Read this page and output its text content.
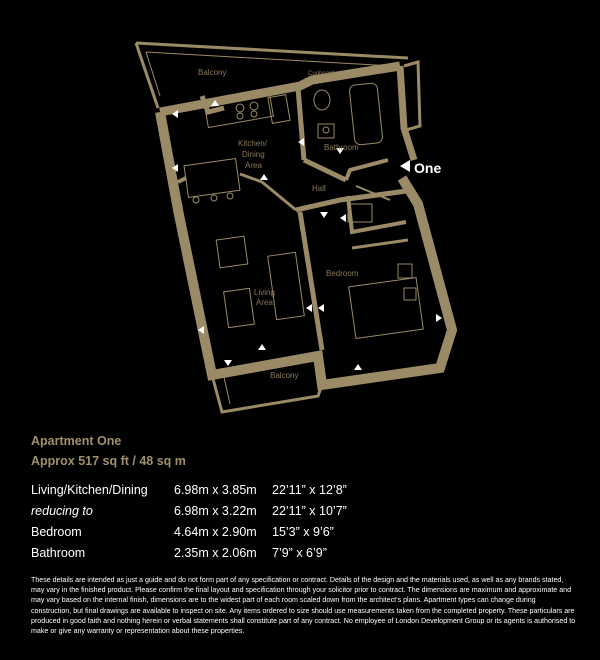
Balcony	Cupboard
Kitchen/
Dining
Area
Bathroom
Hall
Bedroom
Living
Area
Balcony
One
Apartment One
Approx 517 sq ft / 48 sq m
Living/Kitchen/Dining	6.98m x 3.85m	22’11” x 12’8”
reducing to	6.98m x 3.22m	22’11” x 10’7”
Bedroom	4.64m x 2.90m	15’3” x 9’6”
Bathroom	2.35m x 2.06m	7’9” x 6’9”
These details are intended as just a guide and do not form part of any specification or contract. Details of the design and the materials used, as well as any brands stated, may vary in the finished product. Please confirm the final layout and specification through your solicitor prior to contract. The dimensions are maximum and approximate and may vary based on the internal finish, dimensions are to the widest part of each room scaled down from the architect’s plans. Apartment types can change during construction, but final drawings are available to inspect on site. Any items ordered to size should use measurements taken from the completed property. These particulars are produced in good faith and nothing herein or verbal statements shall constitute part of any contract. No employee of London Development Group or its agents is authorised to make or give any warranty or representation about these properties.
